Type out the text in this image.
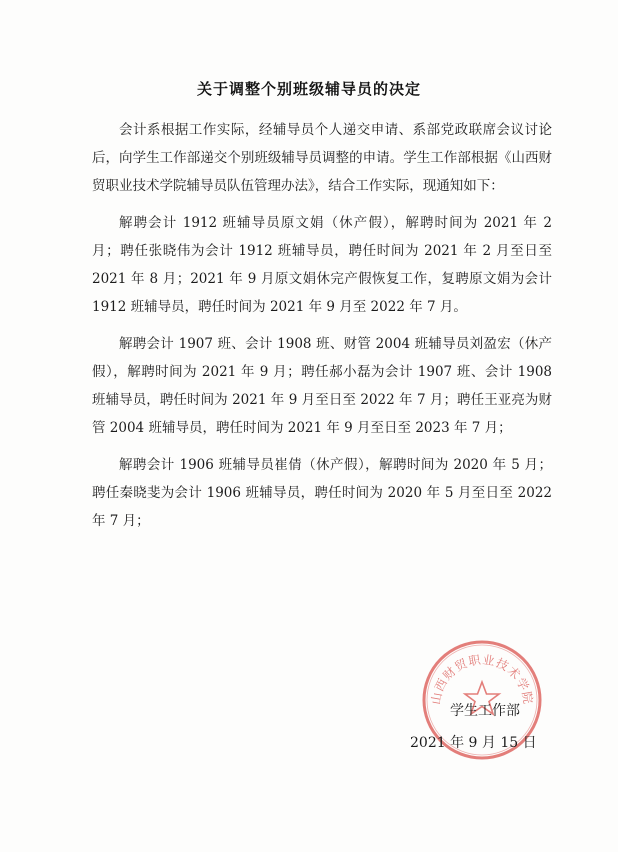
关于调整个别班级辅导员的决定

会计系根据工作实际，经辅导员个人递交申请、系部党政联席会议讨论后，向学生工作部递交个别班级辅导员调整的申请。学生工作部根据《山西财贸职业技术学院辅导员队伍管理办法》，结合工作实际，现通知如下：

解聘会计 1912 班辅导员原文娟（休产假），解聘时间为 2021 年 2 月；聘任张晓伟为会计 1912 班辅导员，聘任时间为 2021 年 2 月至日至 2021 年 8 月；2021 年 9 月原文娟休完产假恢复工作，复聘原文娟为会计 1912 班辅导员，聘任时间为 2021 年 9 月至 2022 年 7 月。

解聘会计 1907 班、会计 1908 班、财管 2004 班辅导员刘盈宏（休产假），解聘时间为 2021 年 9 月；聘任郝小磊为会计 1907 班、会计 1908 班辅导员，聘任时间为 2021 年 9 月至日至 2022 年 7 月；聘任王亚亮为财管 2004 班辅导员，聘任时间为 2021 年 9 月至日至 2023 年 7 月；

解聘会计 1906 班辅导员崔倩（休产假），解聘时间为 2020 年 5 月；聘任秦晓斐为会计 1906 班辅导员，聘任时间为 2020 年 5 月至日至 2022 年 7 月；

山西财贸职业技术学院
学生工作部
2021 年 9 月 15 日
